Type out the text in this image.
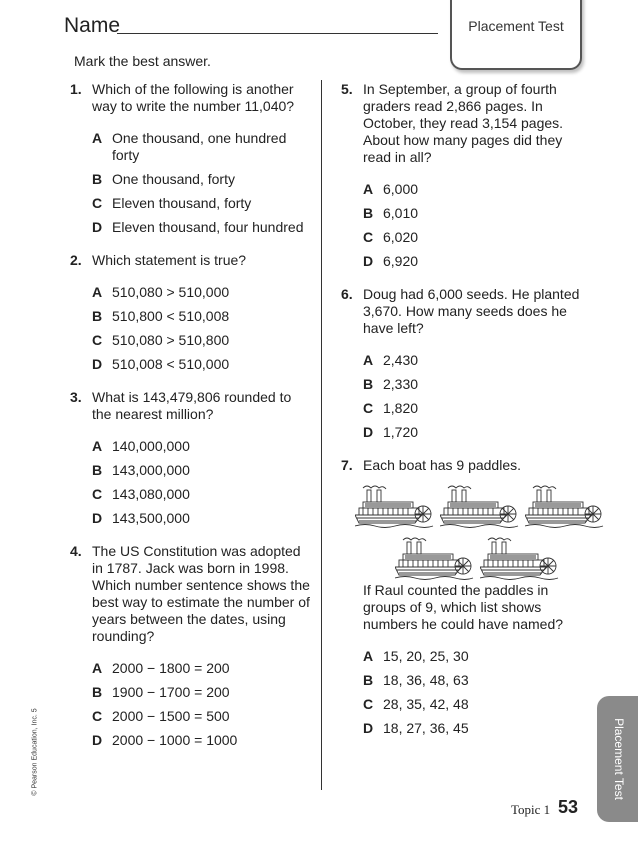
Name	Placement Test
Mark the best answer.
1. Which of the following is another way to write the number 11,040?
A One thousand, one hundred forty
B One thousand, forty
C Eleven thousand, forty
D Eleven thousand, four hundred
2. Which statement is true?
A 510,080 > 510,000
B 510,800 < 510,008
C 510,080 > 510,800
D 510,008 < 510,000
3. What is 143,479,806 rounded to the nearest million?
A 140,000,000
B 143,000,000
C 143,080,000
D 143,500,000
4. The US Constitution was adopted in 1787. Jack was born in 1998. Which number sentence shows the best way to estimate the number of years between the dates, using rounding?
A 2000 − 1800 = 200
B 1900 − 1700 = 200
C 2000 − 1500 = 500
D 2000 − 1000 = 1000
5. In September, a group of fourth graders read 2,866 pages. In October, they read 3,154 pages. About how many pages did they read in all?
A 6,000
B 6,010
C 6,020
D 6,920
6. Doug had 6,000 seeds. He planted 3,670. How many seeds does he have left?
A 2,430
B 2,330
C 1,820
D 1,720
7. Each boat has 9 paddles.
If Raul counted the paddles in groups of 9, which list shows numbers he could have named?
A 15, 20, 25, 30
B 18, 36, 48, 63
C 28, 35, 42, 48
D 18, 27, 36, 45	Placement Test
© Pearson Education, Inc. 5
Topic 1 53
